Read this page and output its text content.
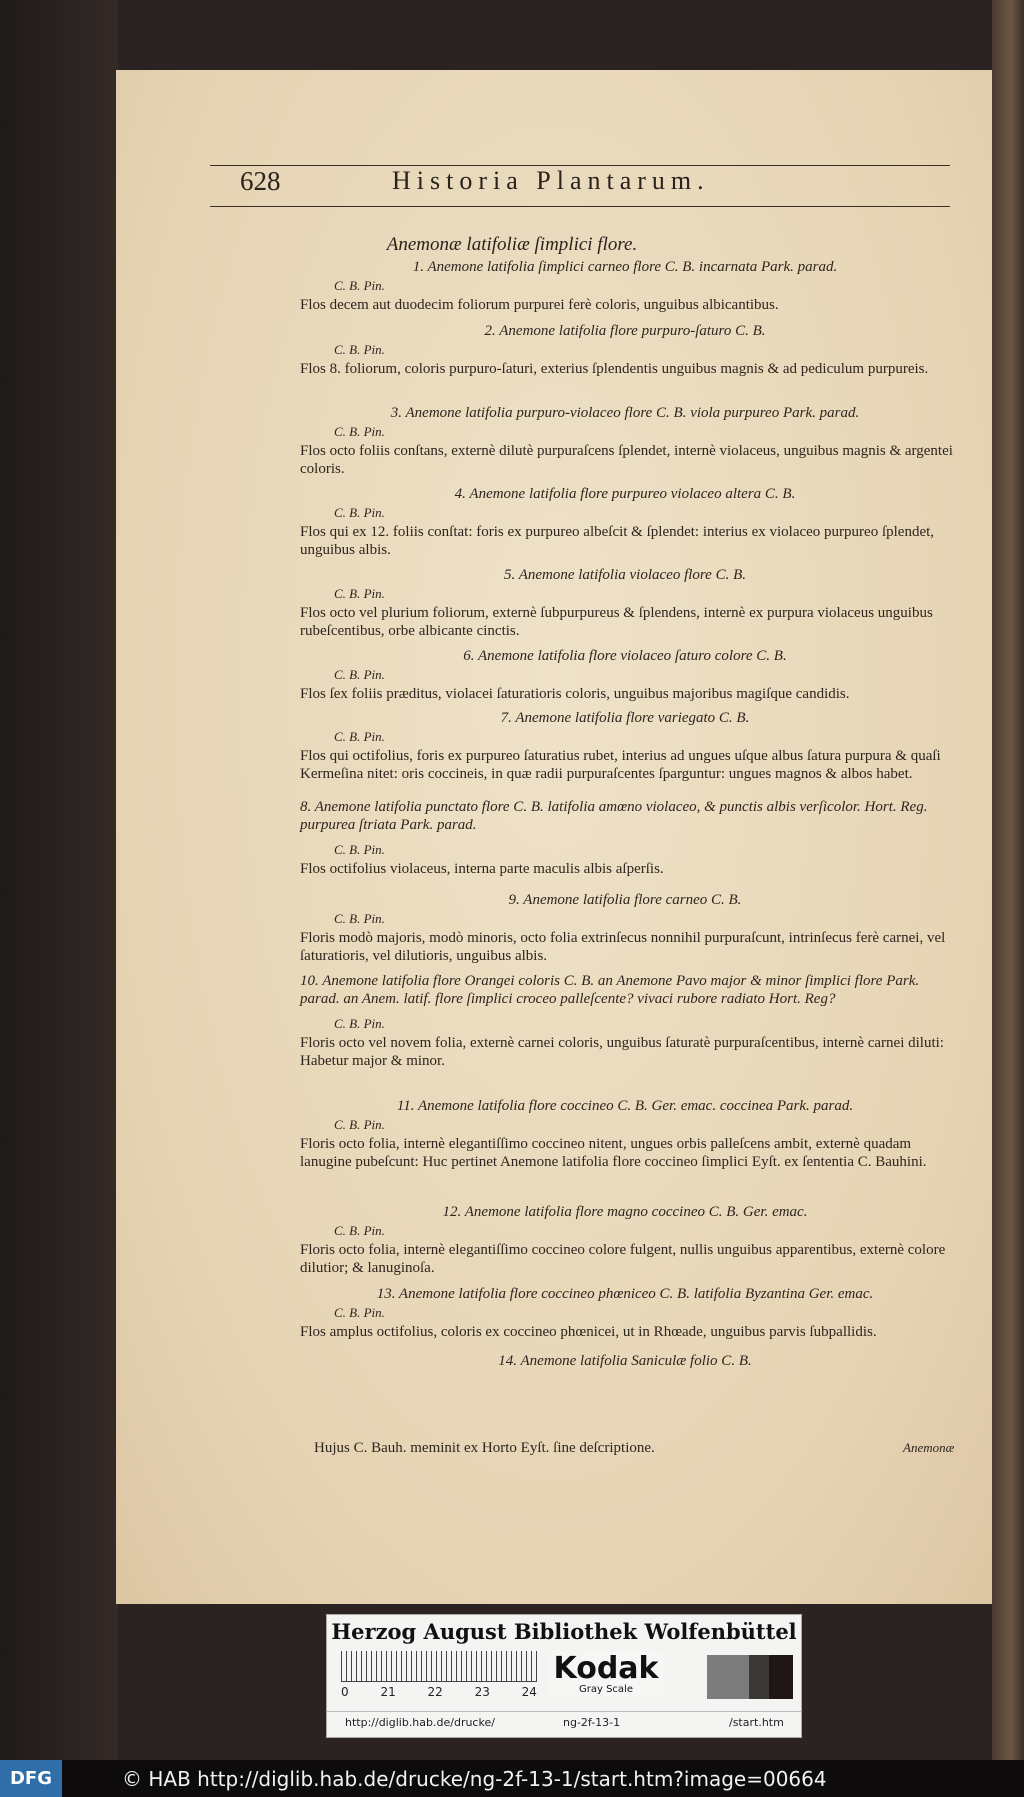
628	Historia Plantarum.
Anemonæ latifoliæ ſimplici flore.
1. Anemone latifolia ſimplici carneo flore C. B. incarnata Park. parad.
C. B. Pin.
Flos decem aut duodecim foliorum purpurei ferè coloris, unguibus albicantibus.
2. Anemone latifolia flore purpuro-ſaturo C. B.
C. B. Pin.
Flos 8. foliorum, coloris purpuro-ſaturi, exterius ſplendentis unguibus magnis & ad pediculum purpureis.
3. Anemone latifolia purpuro-violaceo flore C. B. viola purpureo Park. parad.
C. B. Pin.
Flos octo foliis conſtans, externè dilutè purpuraſcens ſplendet, internè violaceus, unguibus magnis & argentei coloris.
4. Anemone latifolia flore purpureo violaceo altera C. B.
C. B. Pin.
Flos qui ex 12. foliis conſtat: foris ex purpureo albeſcit & ſplendet: interius ex violaceo purpureo ſplendet, unguibus albis.
5. Anemone latifolia violaceo flore C. B.
C. B. Pin.
Flos octo vel plurium foliorum, externè ſubpurpureus & ſplendens, internè ex purpura violaceus unguibus rubeſcentibus, orbe albicante cinctis.
6. Anemone latifolia flore violaceo ſaturo colore C. B.
C. B. Pin.
Flos ſex foliis præditus, violacei ſaturatioris coloris, unguibus majoribus magiſque candidis.
7. Anemone latifolia flore variegato C. B.
C. B. Pin.
Flos qui octifolius, foris ex purpureo ſaturatius rubet, interius ad ungues uſque albus ſatura purpura & quaſi Kermeſina nitet: oris coccineis, in quæ radii purpuraſcentes ſparguntur: ungues magnos & albos habet.
8. Anemone latifolia punctato flore C. B. latifolia amœno violaceo, & punctis albis verſicolor. Hort. Reg. purpurea ſtriata Park. parad.
C. B. Pin.
Flos octifolius violaceus, interna parte maculis albis aſperſis.
9. Anemone latifolia flore carneo C. B.
C. B. Pin.
Floris modò majoris, modò minoris, octo folia extrinſecus nonnihil purpuraſcunt, intrinſecus ferè carnei, vel ſaturatioris, vel dilutioris, unguibus albis.
10. Anemone latifolia flore Orangei coloris C. B. an Anemone Pavo major & minor ſimplici flore Park. parad. an Anem. latif. flore ſimplici croceo palleſcente? vivaci rubore radiato Hort. Reg?
C. B. Pin.
Floris octo vel novem folia, externè carnei coloris, unguibus ſaturatè purpuraſcentibus, internè carnei diluti: Habetur major & minor.
11. Anemone latifolia flore coccineo C. B. Ger. emac. coccinea Park. parad.
C. B. Pin.
Floris octo folia, internè elegantiſſimo coccineo nitent, ungues orbis palleſcens ambit, externè quadam lanugine pubeſcunt: Huc pertinet Anemone latifolia flore coccineo ſimplici Eyſt. ex ſententia C. Bauhini.
12. Anemone latifolia flore magno coccineo C. B. Ger. emac.
C. B. Pin.
Floris octo folia, internè elegantiſſimo coccineo colore fulgent, nullis unguibus apparentibus, externè colore dilutior; & lanuginoſa.
13. Anemone latifolia flore coccineo phœniceo C. B. latifolia Byzantina Ger. emac.
C. B. Pin.
Flos amplus octifolius, coloris ex coccineo phœnicei, ut in Rhœade, unguibus parvis ſubpallidis.
14. Anemone latifolia Saniculæ folio C. B.
Hujus C. Bauh. meminit ex Horto Eyſt. ſine deſcriptione.	Anemonæ
Herzog August Bibliothek Wolfenbüttel
0	21	22	23	24
Kodak
Gray Scale
http://diglib.hab.de/drucke/	ng-2f-13-1	/start.htm
DFG	© HAB http://diglib.hab.de/drucke/ng-2f-13-1/start.htm?image=00664
